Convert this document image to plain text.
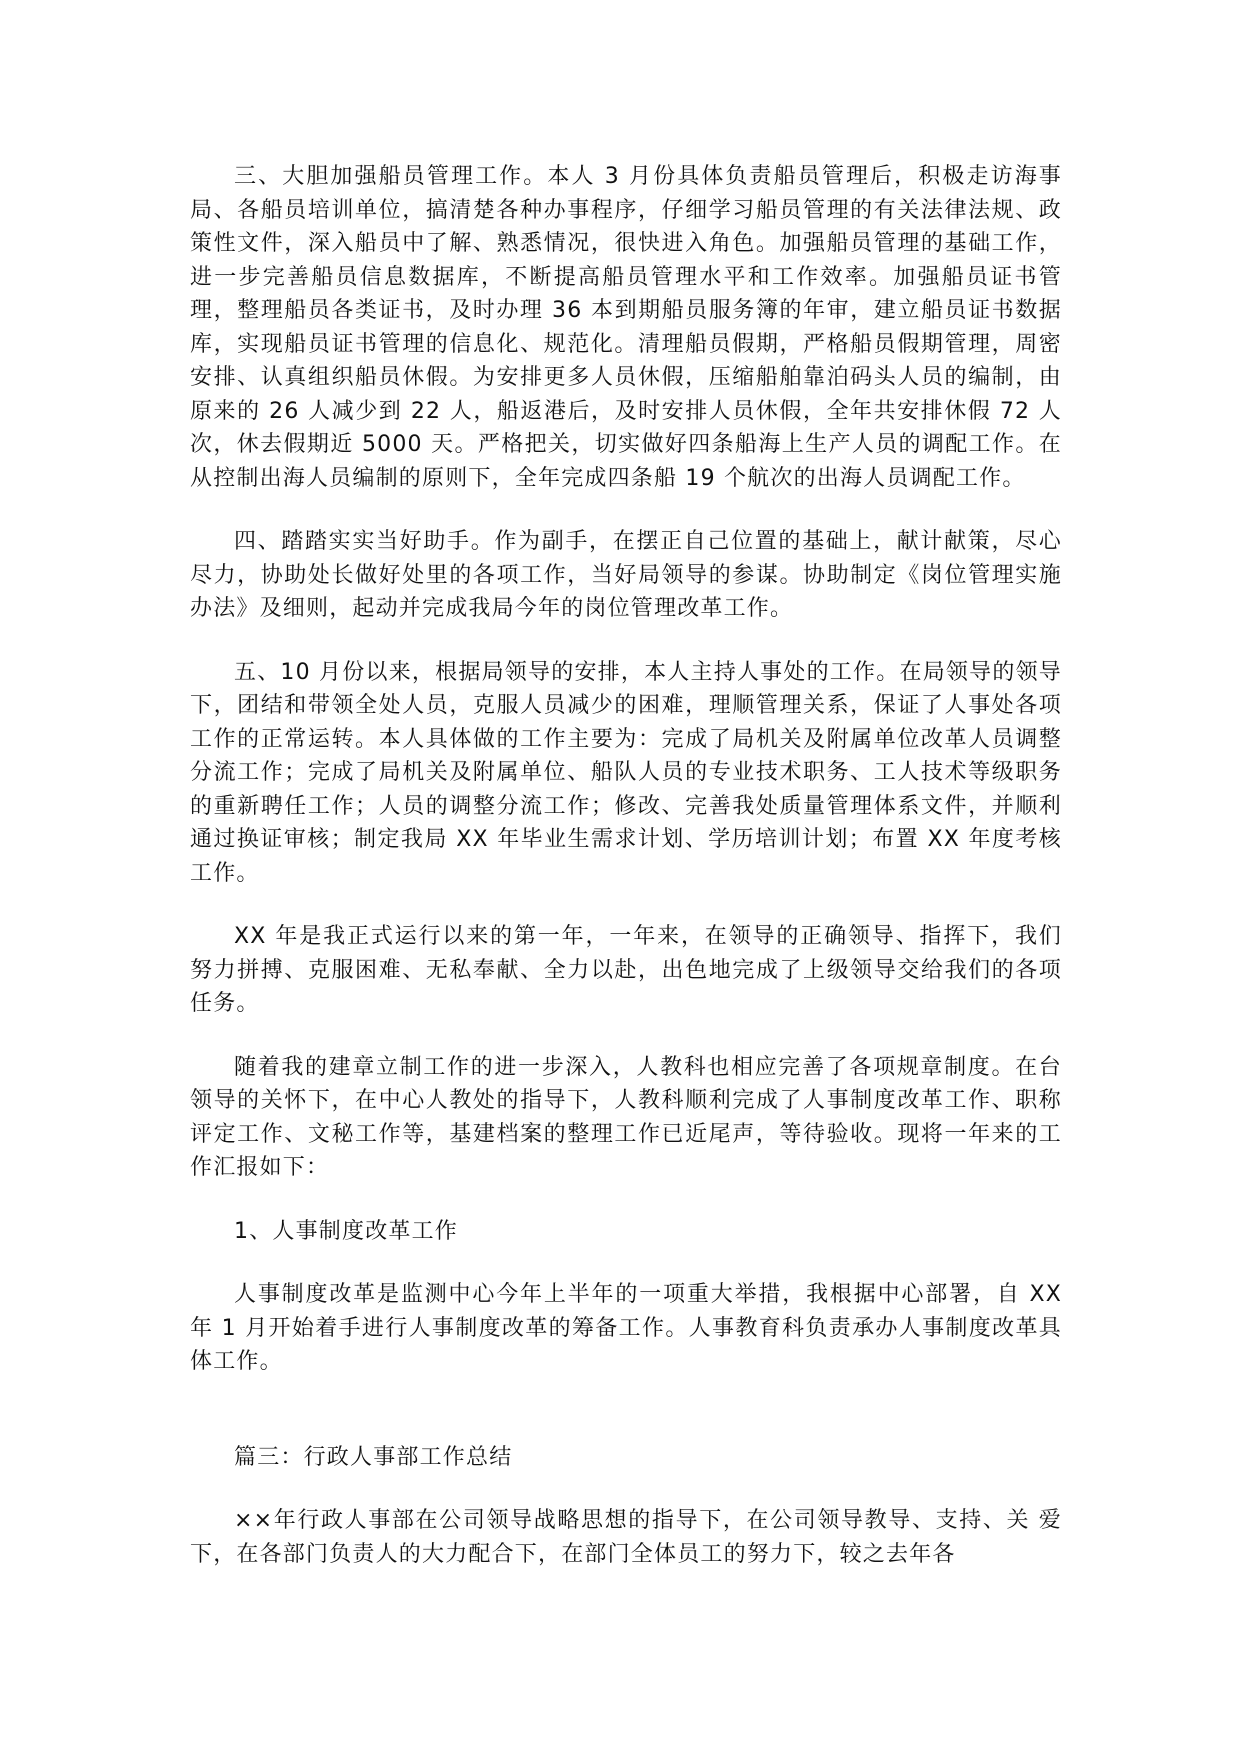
三、大胆加强船员管理工作。本人 3 月份具体负责船员管理后，积极走访海事局、各船员培训单位，搞清楚各种办事程序，仔细学习船员管理的有关法律法规、政策性文件，深入船员中了解、熟悉情况，很快进入角色。加强船员管理的基础工作，进一步完善船员信息数据库，不断提高船员管理水平和工作效率。加强船员证书管理，整理船员各类证书，及时办理 36 本到期船员服务簿的年审，建立船员证书数据库，实现船员证书管理的信息化、规范化。清理船员假期，严格船员假期管理，周密安排、认真组织船员休假。为安排更多人员休假，压缩船舶靠泊码头人员的编制，由原来的 26 人减少到 22 人，船返港后，及时安排人员休假，全年共安排休假 72 人次，休去假期近 5000 天。严格把关，切实做好四条船海上生产人员的调配工作。在从控制出海人员编制的原则下，全年完成四条船 19 个航次的出海人员调配工作。

四、踏踏实实当好助手。作为副手，在摆正自己位置的基础上，献计献策，尽心尽力，协助处长做好处里的各项工作，当好局领导的参谋。协助制定《岗位管理实施办法》及细则，起动并完成我局今年的岗位管理改革工作。

五、10 月份以来，根据局领导的安排，本人主持人事处的工作。在局领导的领导下，团结和带领全处人员，克服人员减少的困难，理顺管理关系，保证了人事处各项工作的正常运转。本人具体做的工作主要为：完成了局机关及附属单位改革人员调整分流工作；完成了局机关及附属单位、船队人员的专业技术职务、工人技术等级职务的重新聘任工作；人员的调整分流工作；修改、完善我处质量管理体系文件，并顺利通过换证审核；制定我局 XX 年毕业生需求计划、学历培训计划；布置 XX 年度考核工作。

XX 年是我正式运行以来的第一年，一年来，在领导的正确领导、指挥下，我们努力拼搏、克服困难、无私奉献、全力以赴，出色地完成了上级领导交给我们的各项任务。

随着我的建章立制工作的进一步深入，人教科也相应完善了各项规章制度。在台领导的关怀下，在中心人教处的指导下，人教科顺利完成了人事制度改革工作、职称评定工作、文秘工作等，基建档案的整理工作已近尾声，等待验收。现将一年来的工作汇报如下：

1、人事制度改革工作

人事制度改革是监测中心今年上半年的一项重大举措，我根据中心部署，自 XX 年 1 月开始着手进行人事制度改革的筹备工作。人事教育科负责承办人事制度改革具体工作。

篇三：行政人事部工作总结

××年行政人事部在公司领导战略思想的指导下，在公司领导教导、支持、关 爱下，在各部门负责人的大力配合下，在部门全体员工的努力下，较之去年各
